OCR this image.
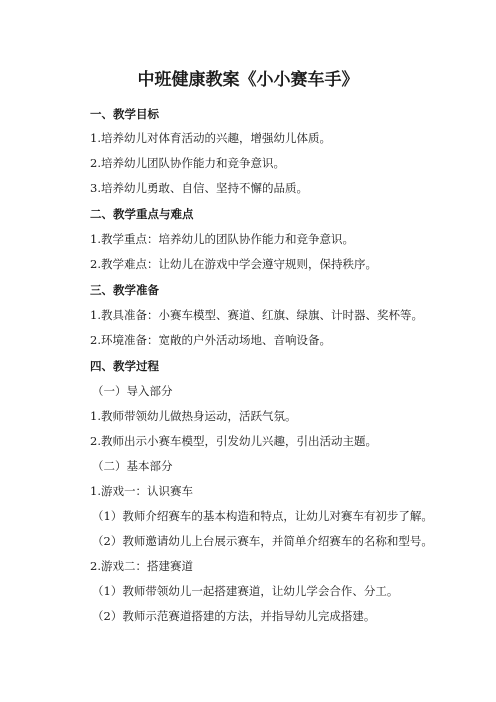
中班健康教案《小小赛车手》
一、教学目标
1.培养幼儿对体育活动的兴趣，增强幼儿体质。
2.培养幼儿团队协作能力和竞争意识。
3.培养幼儿勇敢、自信、坚持不懈的品质。
二、教学重点与难点
1.教学重点：培养幼儿的团队协作能力和竞争意识。
2.教学难点：让幼儿在游戏中学会遵守规则，保持秩序。
三、教学准备
1.教具准备：小赛车模型、赛道、红旗、绿旗、计时器、奖杯等。
2.环境准备：宽敞的户外活动场地、音响设备。
四、教学过程
（一）导入部分
1.教师带领幼儿做热身运动，活跃气氛。
2.教师出示小赛车模型，引发幼儿兴趣，引出活动主题。
（二）基本部分
1.游戏一：认识赛车
（1）教师介绍赛车的基本构造和特点，让幼儿对赛车有初步了解。
（2）教师邀请幼儿上台展示赛车，并简单介绍赛车的名称和型号。
2.游戏二：搭建赛道
（1）教师带领幼儿一起搭建赛道，让幼儿学会合作、分工。
（2）教师示范赛道搭建的方法，并指导幼儿完成搭建。
